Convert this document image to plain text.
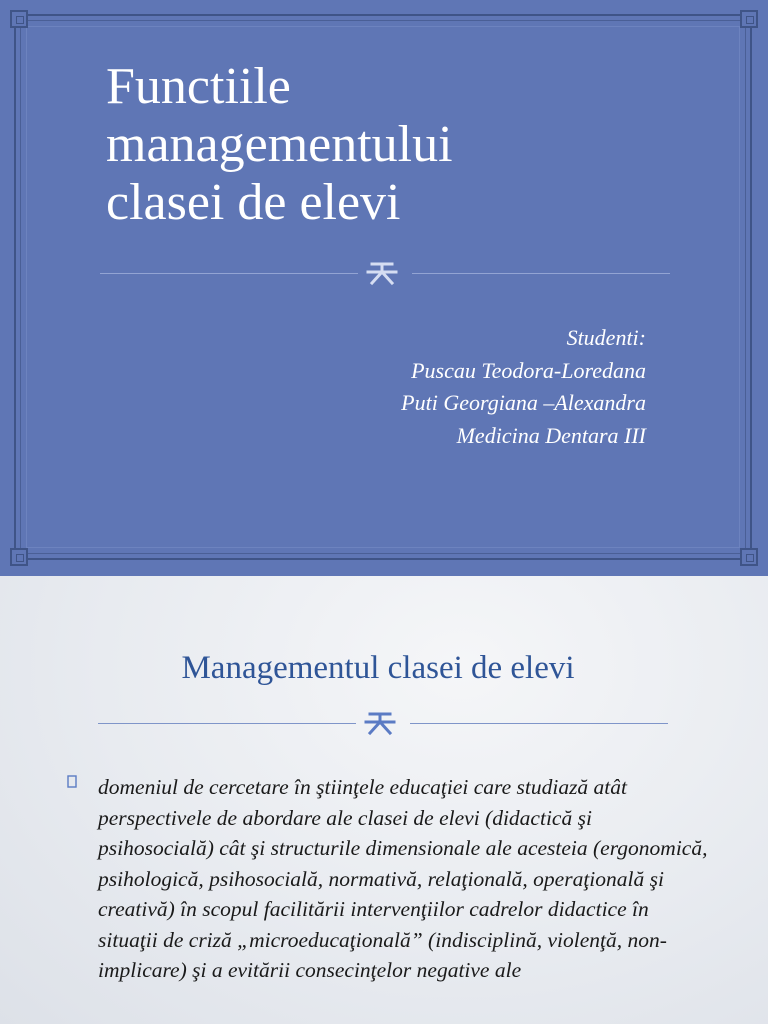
Functiile
managementului
clasei de elevi
Studenti:
Puscau Teodora-Loredana
Puti Georgiana –Alexandra
Medicina Dentara III
Managementul clasei de elevi

domeniul de cercetare în ştiinţele educaţiei care studiază atât perspectivele de abordare ale clasei de elevi (didactică şi psihosocială) cât şi structurile dimensionale ale acesteia (ergonomică, psihologică, psihosocială, normativă, relaţională, operaţională şi creativă) în scopul facilitării intervenţiilor cadrelor didactice în situaţii de criză „microeducaţională” (indisciplină, violenţă, non-implicare) şi a evitării consecinţelor negative ale
